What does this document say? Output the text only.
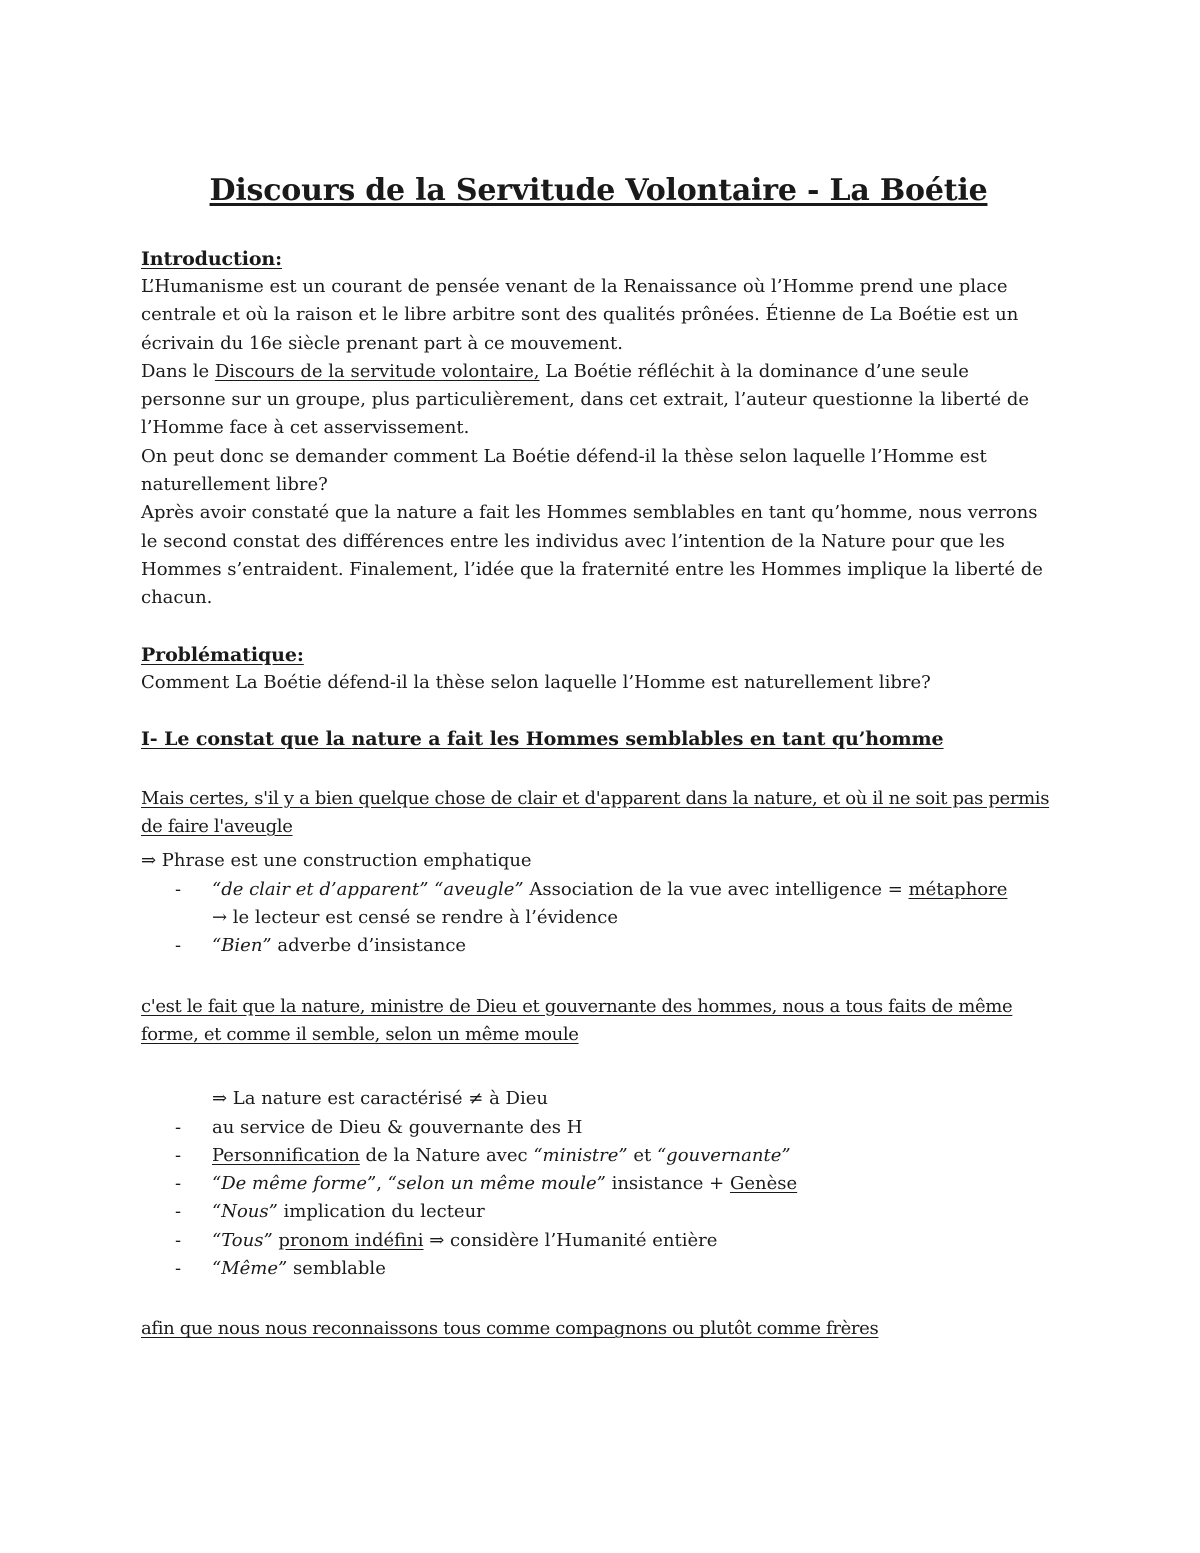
Discours de la Servitude Volontaire - La Boétie
Introduction:

L’Humanisme est un courant de pensée venant de la Renaissance où l’Homme prend une place centrale et où la raison et le libre arbitre sont des qualités prônées. Étienne de La Boétie est un écrivain du 16e siècle prenant part à ce mouvement.

Dans le Discours de la servitude volontaire, La Boétie réfléchit à la dominance d’une seule personne sur un groupe, plus particulièrement, dans cet extrait, l’auteur questionne la liberté de l’Homme face à cet asservissement.

On peut donc se demander comment La Boétie défend-il la thèse selon laquelle l’Homme est naturellement libre?

Après avoir constaté que la nature a fait les Hommes semblables en tant qu’homme, nous verrons le second constat des différences entre les individus avec l’intention de la Nature pour que les Hommes s’entraident. Finalement, l’idée que la fraternité entre les Hommes implique la liberté de chacun.

Problématique:

Comment La Boétie défend-il la thèse selon laquelle l’Homme est naturellement libre?

I- Le constat que la nature a fait les Hommes semblables en tant qu’homme

Mais certes, s'il y a bien quelque chose de clair et d'apparent dans la nature, et où il ne soit pas permis de faire l'aveugle

⇒ Phrase est une construction emphatique

- “de clair et d’apparent” “aveugle” Association de la vue avec intelligence = métaphore
→ le lecteur est censé se rendre à l’évidence
- “Bien” adverbe d’insistance

c'est le fait que la nature, ministre de Dieu et gouvernante des hommes, nous a tous faits de même forme, et comme il semble, selon un même moule

⇒ La nature est caractérisé ≠ à Dieu

- au service de Dieu & gouvernante des H
- Personnification de la Nature avec “ministre” et “gouvernante”
- “De même forme”, “selon un même moule” insistance + Genèse
- “Nous” implication du lecteur
- “Tous” pronom indéfini ⇒ considère l’Humanité entière
- “Même” semblable

afin que nous nous reconnaissons tous comme compagnons ou plutôt comme frères
